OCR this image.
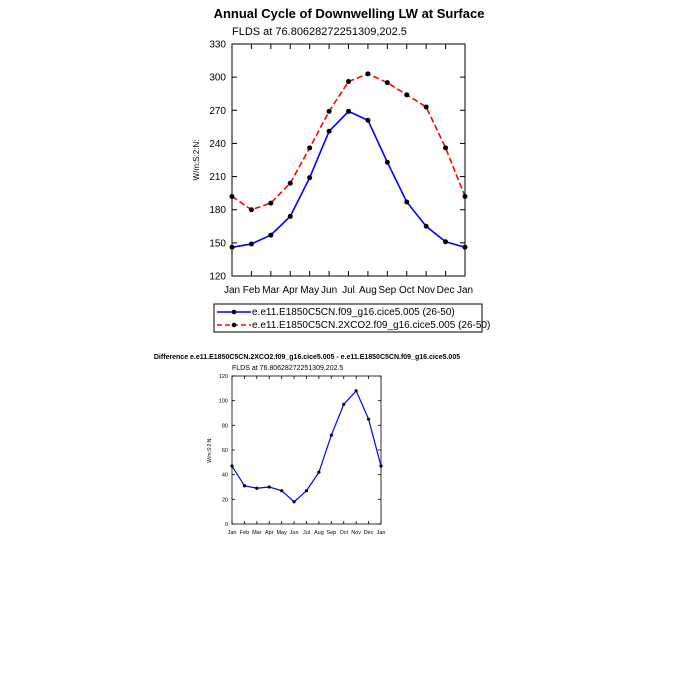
Annual Cycle of Downwelling LW at Surface
FLDS at 76.80628272251309,202.5
W/m:S:2:N:
120
150
180
210
240
270
300
330
Jan Feb Mar Apr May Jun Jul Aug Sep Oct Nov Dec Jan
e.e11.E1850C5CN.f09_g16.cice5.005 (26-50)
e.e11.E1850C5CN.2XCO2.f09_g16.cice5.005 (26-50)
Difference e.e11.E1850C5CN.2XCO2.f09_g16.cice5.005 - e.e11.E1850C5CN.f09_g16.cice5.005
FLDS at 76.80628272251309,202.5
W/m:S:2:N:
0
20
40
60
80
100
120
Jan Feb Mar Apr May Jun Jul Aug Sep Oct Nov Dec Jan
